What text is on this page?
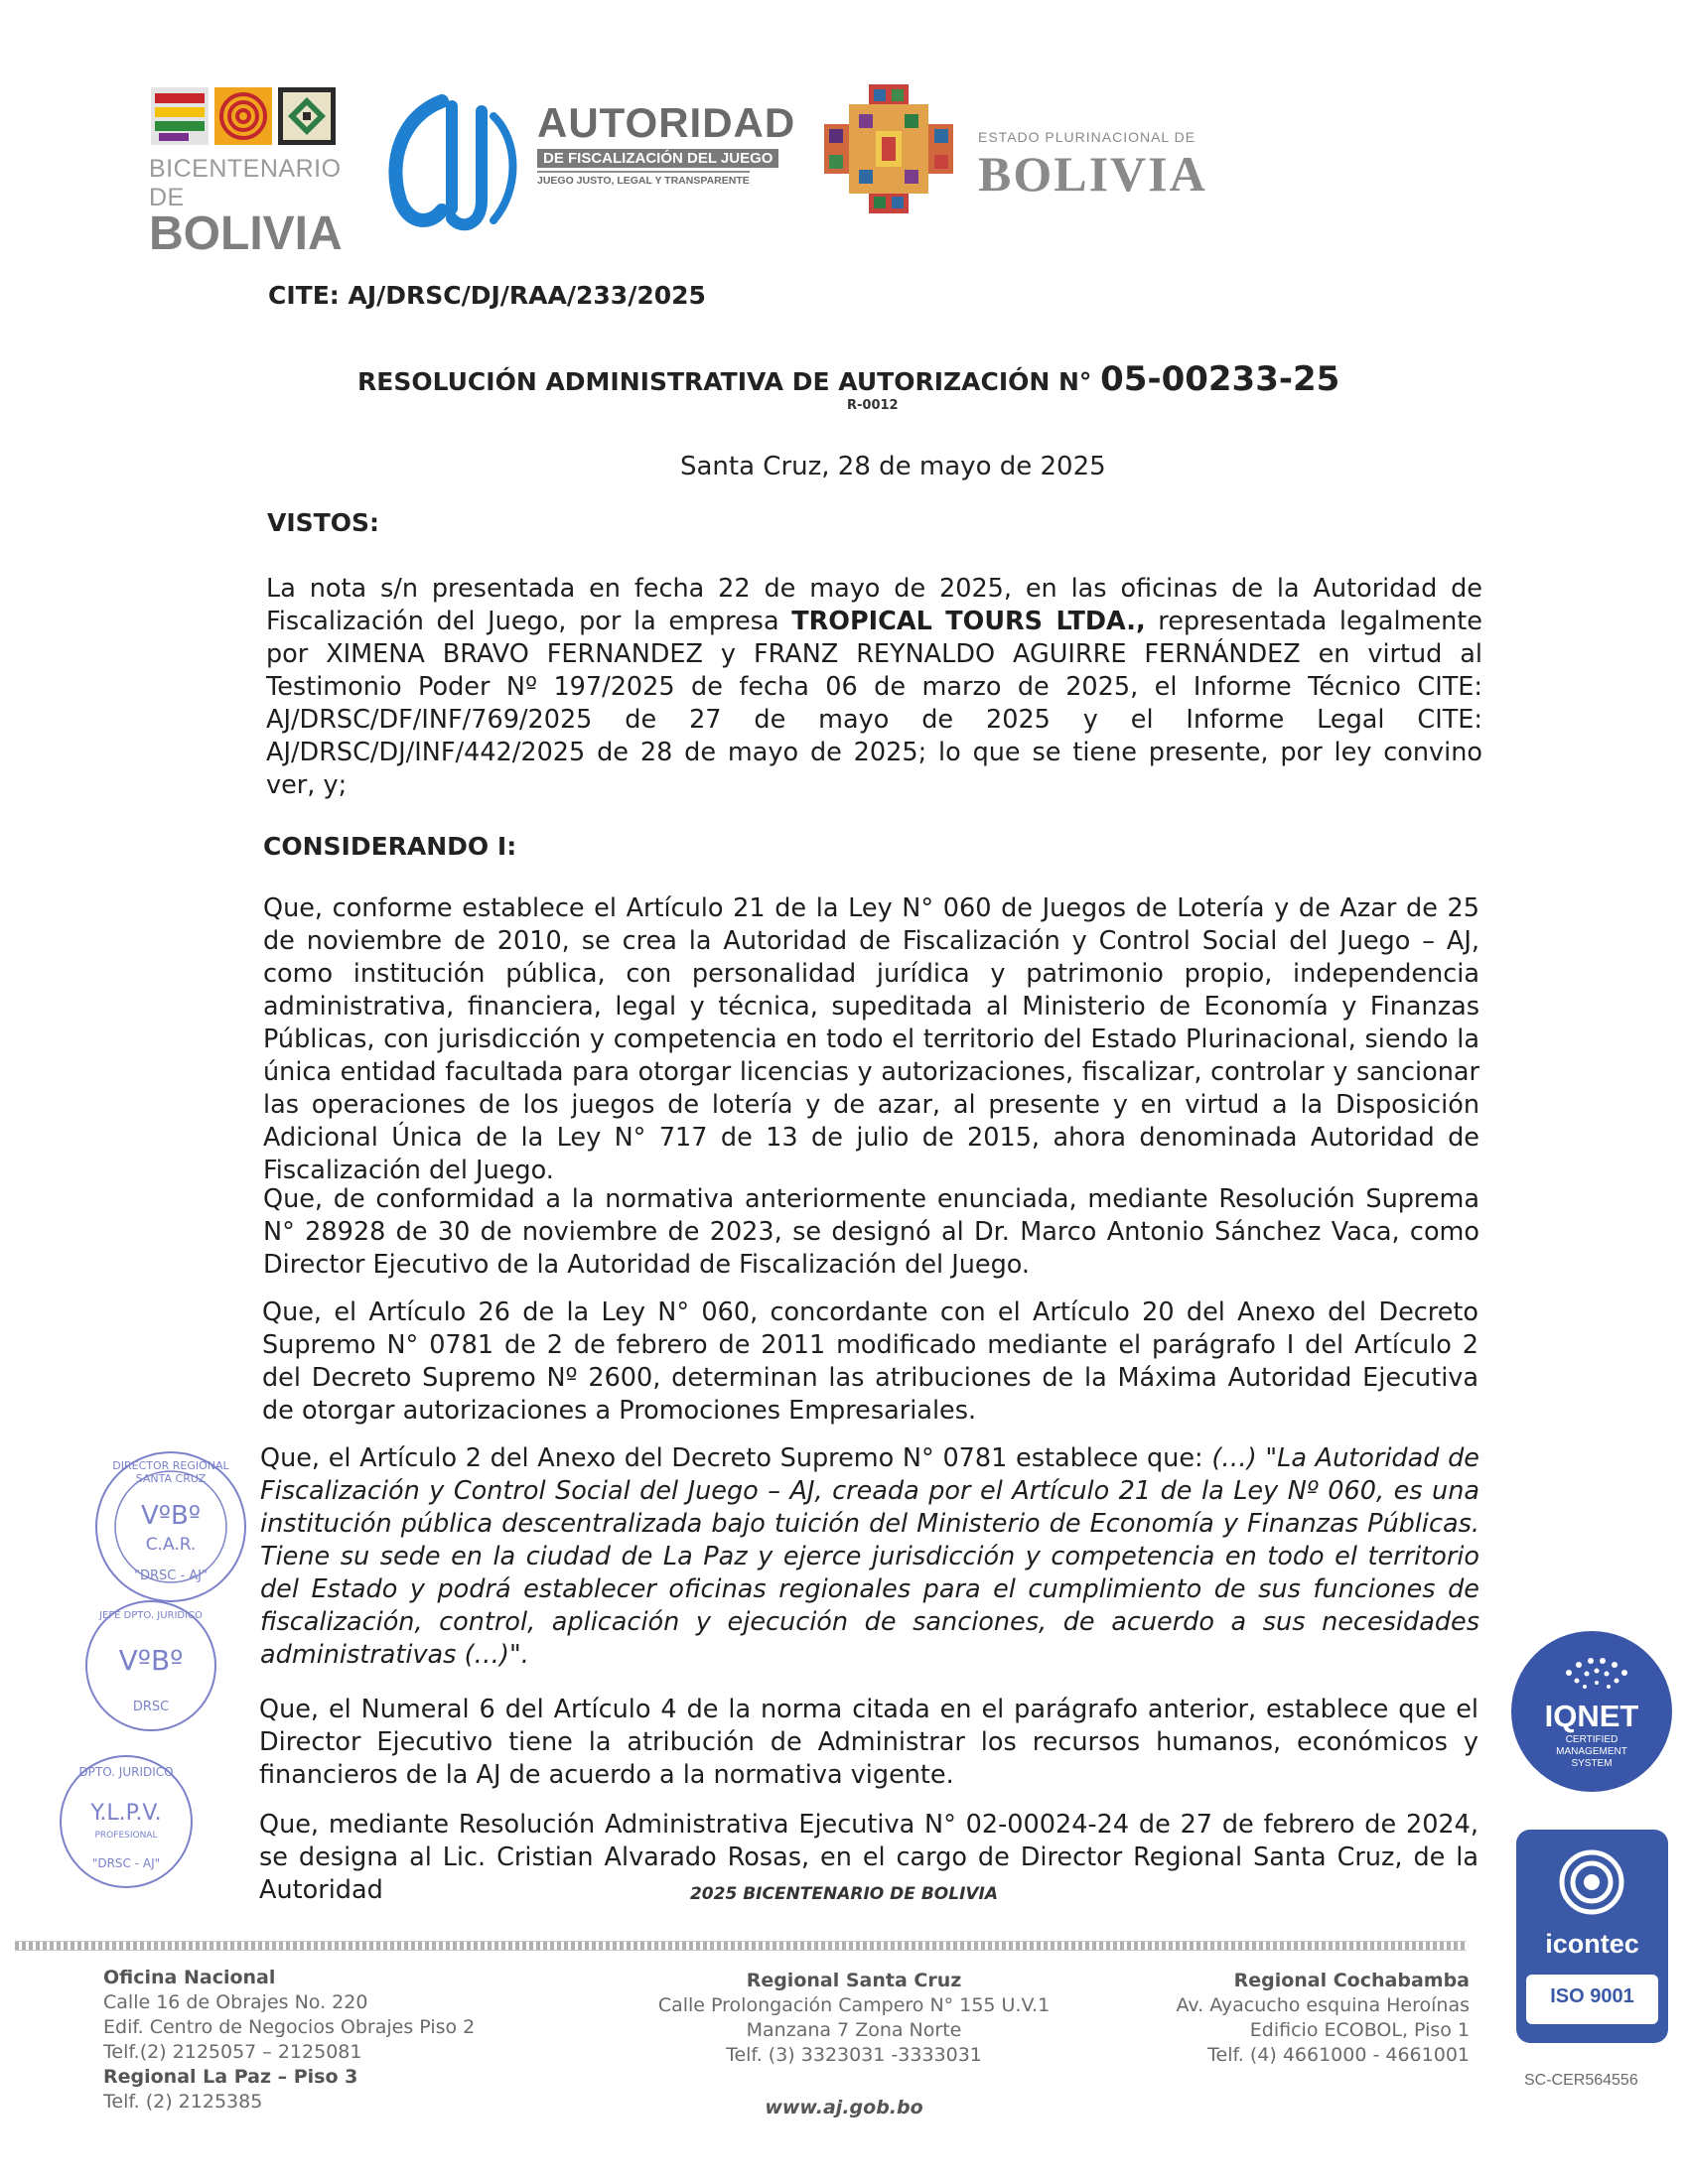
BICENTENARIO DE
BOLIVIA
AUTORIDAD
DE FISCALIZACIÓN DEL JUEGO
JUEGO JUSTO, LEGAL Y TRANSPARENTE
ESTADO PLURINACIONAL DE
BOLIVIA
CITE: AJ/DRSC/DJ/RAA/233/2025
RESOLUCIÓN ADMINISTRATIVA DE AUTORIZACIÓN N° 05-00233-25
R-0012
Santa Cruz, 28 de mayo de 2025
VISTOS:
La nota s/n presentada en fecha 22 de mayo de 2025, en las oficinas de la Autoridad de Fiscalización del Juego, por la empresa TROPICAL TOURS LTDA., representada legalmente por XIMENA BRAVO FERNANDEZ y FRANZ REYNALDO AGUIRRE FERNÁNDEZ en virtud al Testimonio Poder Nº 197/2025 de fecha 06 de marzo de 2025, el Informe Técnico CITE: AJ/DRSC/DF/INF/769/2025 de 27 de mayo de 2025 y el Informe Legal CITE: AJ/DRSC/DJ/INF/442/2025 de 28 de mayo de 2025; lo que se tiene presente, por ley convino ver, y;
CONSIDERANDO I:
Que, conforme establece el Artículo 21 de la Ley N° 060 de Juegos de Lotería y de Azar de 25 de noviembre de 2010, se crea la Autoridad de Fiscalización y Control Social del Juego – AJ, como institución pública, con personalidad jurídica y patrimonio propio, independencia administrativa, financiera, legal y técnica, supeditada al Ministerio de Economía y Finanzas Públicas, con jurisdicción y competencia en todo el territorio del Estado Plurinacional, siendo la única entidad facultada para otorgar licencias y autorizaciones, fiscalizar, controlar y sancionar las operaciones de los juegos de lotería y de azar, al presente y en virtud a la Disposición Adicional Única de la Ley N° 717 de 13 de julio de 2015, ahora denominada Autoridad de Fiscalización del Juego.
Que, de conformidad a la normativa anteriormente enunciada, mediante Resolución Suprema N° 28928 de 30 de noviembre de 2023, se designó al Dr. Marco Antonio Sánchez Vaca, como Director Ejecutivo de la Autoridad de Fiscalización del Juego.
Que, el Artículo 26 de la Ley N° 060, concordante con el Artículo 20 del Anexo del Decreto Supremo N° 0781 de 2 de febrero de 2011 modificado mediante el parágrafo I del Artículo 2 del Decreto Supremo Nº 2600, determinan las atribuciones de la Máxima Autoridad Ejecutiva de otorgar autorizaciones a Promociones Empresariales.
Que, el Artículo 2 del Anexo del Decreto Supremo N° 0781 establece que: (…) "La Autoridad de Fiscalización y Control Social del Juego – AJ, creada por el Artículo 21 de la Ley Nº 060, es una institución pública descentralizada bajo tuición del Ministerio de Economía y Finanzas Públicas. Tiene su sede en la ciudad de La Paz y ejerce jurisdicción y competencia en todo el territorio del Estado y podrá establecer oficinas regionales para el cumplimiento de sus funciones de fiscalización, control, aplicación y ejecución de sanciones, de acuerdo a sus necesidades administrativas (…)".
Que, el Numeral 6 del Artículo 4 de la norma citada en el parágrafo anterior, establece que el Director Ejecutivo tiene la atribución de Administrar los recursos humanos, económicos y financieros de la AJ de acuerdo a la normativa vigente.
Que, mediante Resolución Administrativa Ejecutiva N° 02-00024-24 de 27 de febrero de 2024, se designa al Lic. Cristian Alvarado Rosas, en el cargo de Director Regional Santa Cruz, de la Autoridad
DIRECTOR REGIONAL SANTA CRUZ
VºBº
C.A.R.
"DRSC - AJ"
JEFE DPTO. JURIDICO
VºBº
DRSC
DPTO. JURIDICO
Y.L.P.V.
PROFESIONAL
"DRSC - AJ"
IQNET
CERTIFIED
MANAGEMENT
SYSTEM
icontec
ISO 9001
SC-CER564556
2025 BICENTENARIO DE BOLIVIA
Oficina Nacional
Calle 16 de Obrajes No. 220
Edif. Centro de Negocios Obrajes Piso 2
Telf.(2) 2125057 – 2125081
Regional La Paz – Piso 3
Telf. (2) 2125385
Regional Santa Cruz
Calle Prolongación Campero N° 155 U.V.1
Manzana 7 Zona Norte
Telf. (3) 3323031 -3333031
Regional Cochabamba
Av. Ayacucho esquina Heroínas
Edificio ECOBOL, Piso 1
Telf. (4) 4661000 - 4661001
www.aj.gob.bo
